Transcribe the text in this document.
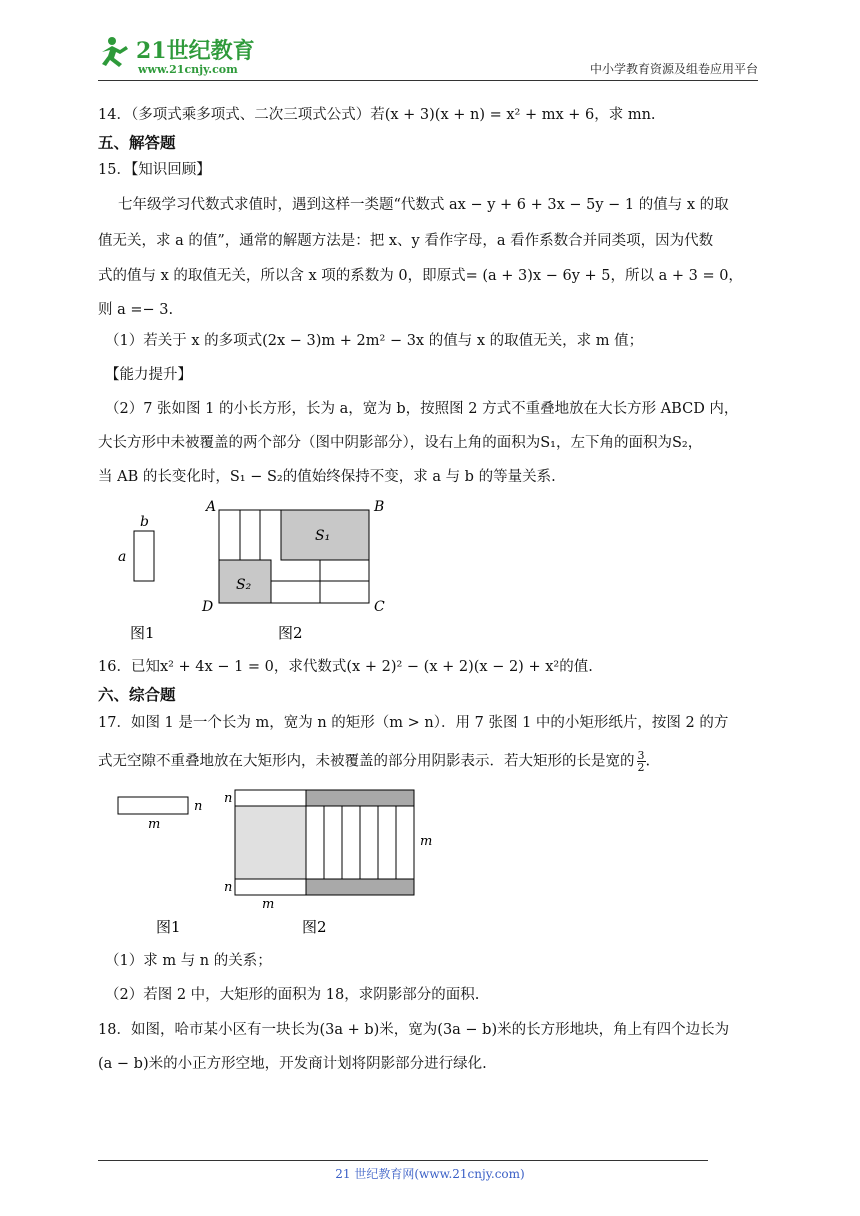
21世纪教育
www.21cnjy.com	中小学教育资源及组卷应用平台
14．（多项式乘多项式、二次三项式公式）若(x + 3)(x + n) = x² + mx + 6，求 mn.
五、解答题
15．【知识回顾】
七年级学习代数式求值时，遇到这样一类题“代数式 ax − y + 6 + 3x − 5y − 1 的值与 x 的取
值无关，求 a 的值”，通常的解题方法是：把 x、y 看作字母，a 看作系数合并同类项，因为代数
式的值与 x 的取值无关，所以含 x 项的系数为 0，即原式= (a + 3)x − 6y + 5，所以 a + 3 = 0，
则 a =− 3.
（1）若关于 x 的多项式(2x − 3)m + 2m² − 3x 的值与 x 的取值无关，求 m 值；
【能力提升】
（2）7 张如图 1 的小长方形，长为 a，宽为 b，按照图 2 方式不重叠地放在大长方形 ABCD 内，
大长方形中未被覆盖的两个部分（图中阴影部分），设右上角的面积为S₁，左下角的面积为S₂，
当 AB 的长变化时，S₁ − S₂的值始终保持不变，求 a 与 b 的等量关系.
b
a
S₁
S₂
A	B
C
D
图1	图2
16．已知x² + 4x − 1 = 0，求代数式(x + 2)² − (x + 2)(x − 2) + x²的值.
六、综合题
17．如图 1 是一个长为 m，宽为 n 的矩形（m > n）．用 7 张图 1 中的小矩形纸片，按图 2 的方
式无空隙不重叠地放在大矩形内，未被覆盖的部分用阴影表示．若大矩形的长是宽的 $\frac{3}{2}$ .
n
m
n
n
m
m
图1	图2
（1）求 m 与 n 的关系；
（2）若图 2 中，大矩形的面积为 18，求阴影部分的面积.
18．如图，哈市某小区有一块长为(3a + b)米，宽为(3a − b)米的长方形地块，角上有四个边长为
(a − b)米的小正方形空地，开发商计划将阴影部分进行绿化.
21 世纪教育网(www.21cnjy.com)
